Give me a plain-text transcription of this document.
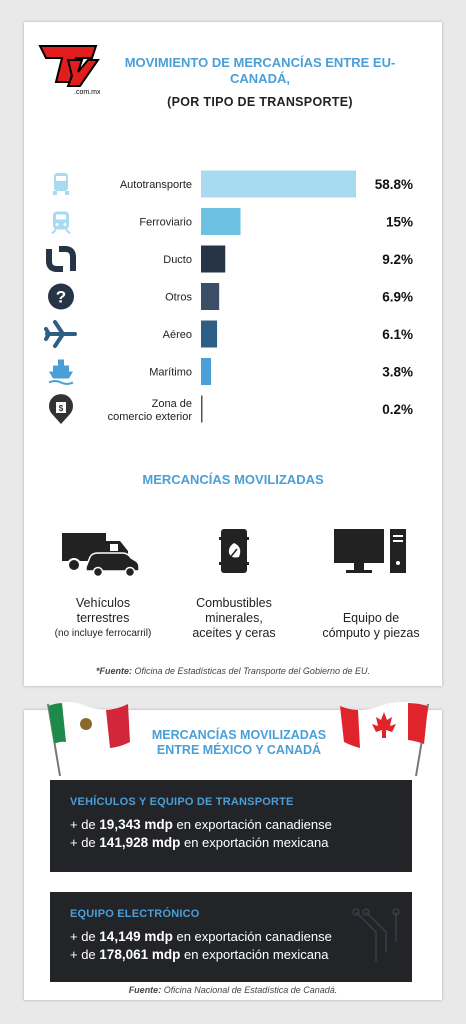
.com.mx
MOVIMIENTO DE MERCANCÍAS ENTRE EU-CANADÁ,
(POR TIPO DE TRANSPORTE)
Autotransporte	58.8%
Ferroviario	15%
Ducto	9.2%
?	Otros	6.9%
Aéreo	6.1%
Marítimo	3.8%
$	Zona de comercio exterior	0.2%
MERCANCÍAS MOVILIZADAS
Vehículos
terrestres
(no incluye ferrocarril)
Combustibles
minerales,
aceites y ceras
Equipo de
cómputo y piezas
*Fuente: Oficina de Estadísticas del Transporte del Gobierno de EU.
MERCANCÍAS MOVILIZADAS
ENTRE MÉXICO Y CANADÁ
VEHÍCULOS Y EQUIPO DE TRANSPORTE
+ de 19,343 mdp en exportación canadiense
+ de 141,928 mdp en exportación mexicana
EQUIPO ELECTRÓNICO
+ de 14,149 mdp en exportación canadiense
+ de 178,061 mdp en exportación mexicana
Fuente: Oficina Nacional de Estadística de Canadá.
